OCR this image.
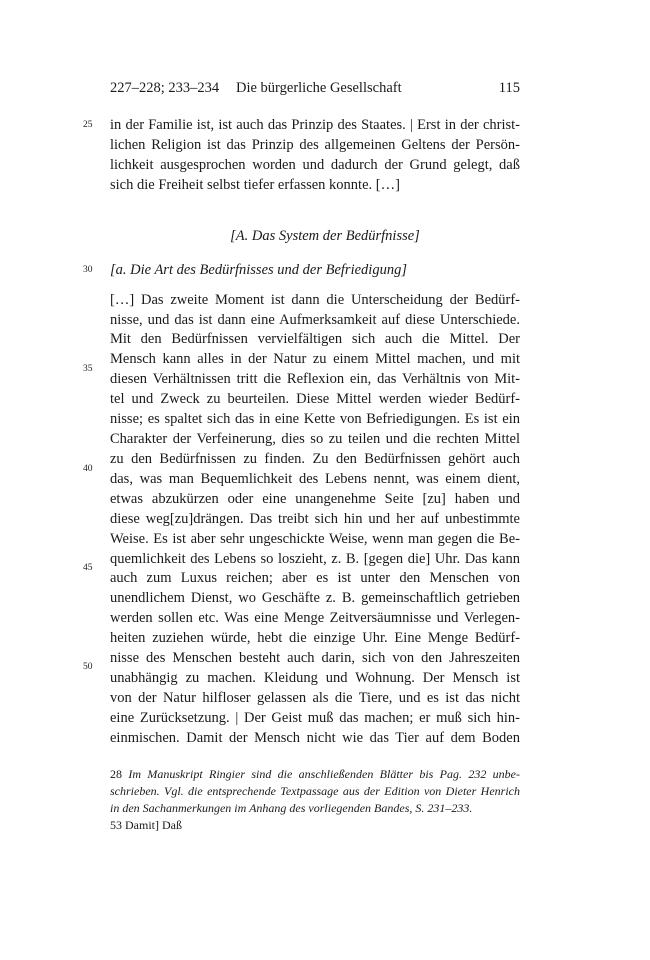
227–228; 233–234 Die bürgerliche Gesellschaft	115
25
30
35
40
45
50
in der Familie ist, ist auch das Prinzip des Staates. | Erst in der christ-
lichen Religion ist das Prinzip des allgemeinen Geltens der Persön-
lichkeit ausgesprochen worden und dadurch der Grund gelegt, daß
sich die Freiheit selbst tiefer erfassen konnte. […]
[A. Das System der Bedürfnisse]
[a. Die Art des Bedürfnisses und der Befriedigung]
[…] Das zweite Moment ist dann die Unterscheidung der Bedürf-
nisse, und das ist dann eine Aufmerksamkeit auf diese Unterschiede.
Mit den Bedürfnissen vervielfältigen sich auch die Mittel. Der
Mensch kann alles in der Natur zu einem Mittel machen, und mit
diesen Verhältnissen tritt die Reflexion ein, das Verhältnis von Mit-
tel und Zweck zu beurteilen. Diese Mittel werden wieder Bedürf-
nisse; es spaltet sich das in eine Kette von Befriedigungen. Es ist ein
Charakter der Verfeinerung, dies so zu teilen und die rechten Mittel
zu den Bedürfnissen zu finden. Zu den Bedürfnissen gehört auch
das, was man Bequemlichkeit des Lebens nennt, was einem dient,
etwas abzukürzen oder eine unangenehme Seite [zu] haben und
diese weg[zu]drängen. Das treibt sich hin und her auf unbestimmte
Weise. Es ist aber sehr ungeschickte Weise, wenn man gegen die Be-
quemlichkeit des Lebens so loszieht, z. B. [gegen die] Uhr. Das kann
auch zum Luxus reichen; aber es ist unter den Menschen von
unendlichem Dienst, wo Geschäfte z. B. gemeinschaftlich getrieben
werden sollen etc. Was eine Menge Zeitversäumnisse und Verlegen-
heiten zuziehen würde, hebt die einzige Uhr. Eine Menge Bedürf-
nisse des Menschen besteht auch darin, sich von den Jahreszeiten
unabhängig zu machen. Kleidung und Wohnung. Der Mensch ist
von der Natur hilfloser gelassen als die Tiere, und es ist das nicht
eine Zurücksetzung. | Der Geist muß das machen; er muß sich hin-
einmischen. Damit der Mensch nicht wie das Tier auf dem Boden
28 Im Manuskript Ringier sind die anschließenden Blätter bis Pag. 232 unbe-
schrieben. Vgl. die entsprechende Textpassage aus der Edition von Dieter Henrich
in den Sachanmerkungen im Anhang des vorliegenden Bandes, S. 231–233.
53 Damit] Daß
